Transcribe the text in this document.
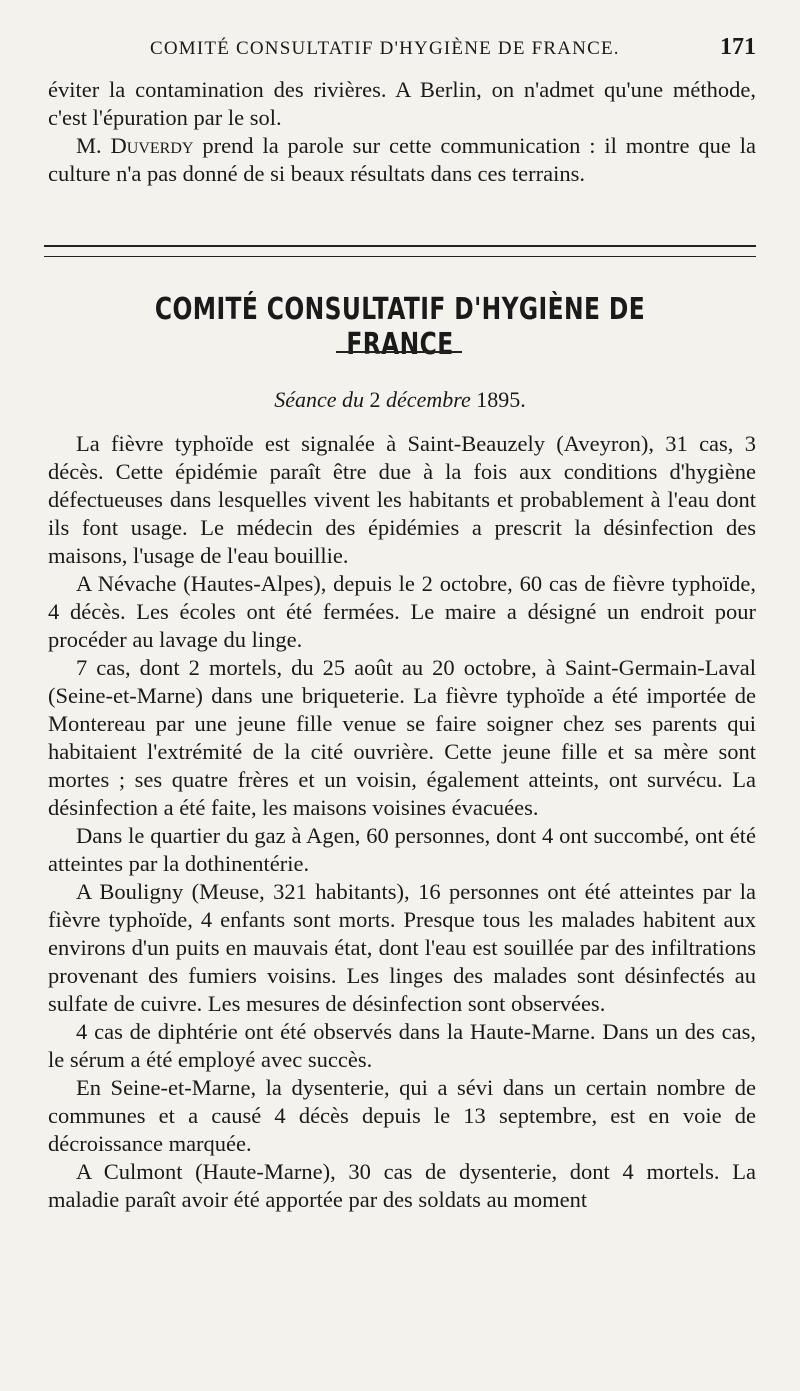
COMITÉ CONSULTATIF D'HYGIÈNE DE FRANCE.	171

éviter la contamination des rivières. A Berlin, on n'admet qu'une méthode, c'est l'épuration par le sol.

M. Duverdy prend la parole sur cette communication : il montre que la culture n'a pas donné de si beaux résultats dans ces terrains.

COMITÉ CONSULTATIF D'HYGIÈNE DE FRANCE
Séance du 2 décembre 1895.

La fièvre typhoïde est signalée à Saint-Beauzely (Aveyron), 31 cas, 3 décès. Cette épidémie paraît être due à la fois aux conditions d'hygiène défectueuses dans lesquelles vivent les habitants et probablement à l'eau dont ils font usage. Le médecin des épidémies a prescrit la désinfection des maisons, l'usage de l'eau bouillie.

A Névache (Hautes-Alpes), depuis le 2 octobre, 60 cas de fièvre typhoïde, 4 décès. Les écoles ont été fermées. Le maire a désigné un endroit pour procéder au lavage du linge.

7 cas, dont 2 mortels, du 25 août au 20 octobre, à Saint-Germain-Laval (Seine-et-Marne) dans une briqueterie. La fièvre typhoïde a été importée de Montereau par une jeune fille venue se faire soigner chez ses parents qui habitaient l'extrémité de la cité ouvrière. Cette jeune fille et sa mère sont mortes ; ses quatre frères et un voisin, également atteints, ont survécu. La désinfection a été faite, les maisons voisines évacuées.

Dans le quartier du gaz à Agen, 60 personnes, dont 4 ont succombé, ont été atteintes par la dothinentérie.

A Bouligny (Meuse, 321 habitants), 16 personnes ont été atteintes par la fièvre typhoïde, 4 enfants sont morts. Presque tous les malades habitent aux environs d'un puits en mauvais état, dont l'eau est souillée par des infiltrations provenant des fumiers voisins. Les linges des malades sont désinfectés au sulfate de cuivre. Les mesures de désinfection sont observées.

4 cas de diphtérie ont été observés dans la Haute-Marne. Dans un des cas, le sérum a été employé avec succès.

En Seine-et-Marne, la dysenterie, qui a sévi dans un certain nombre de communes et a causé 4 décès depuis le 13 septembre, est en voie de décroissance marquée.

A Culmont (Haute-Marne), 30 cas de dysenterie, dont 4 mortels. La maladie paraît avoir été apportée par des soldats au moment
